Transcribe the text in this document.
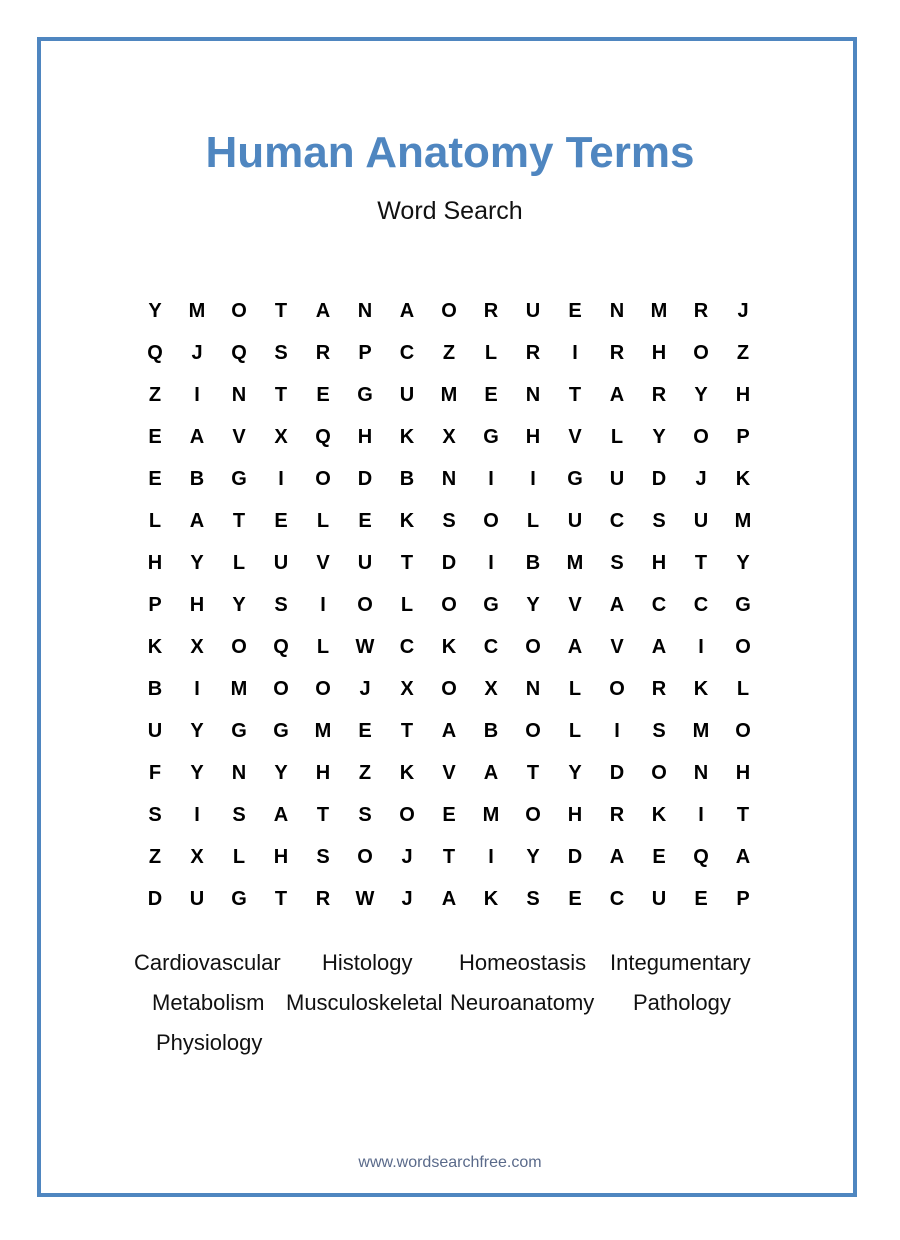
Human Anatomy Terms
Word Search
Y	M	O	T	A	N	A	O	R	U	E	N	M	R	J
Q	J	Q	S	R	P	C	Z	L	R	I	R	H	O	Z
Z	I	N	T	E	G	U	M	E	N	T	A	R	Y	H
E	A	V	X	Q	H	K	X	G	H	V	L	Y	O	P
E	B	G	I	O	D	B	N	I	I	G	U	D	J	K
L	A	T	E	L	E	K	S	O	L	U	C	S	U	M
H	Y	L	U	V	U	T	D	I	B	M	S	H	T	Y
P	H	Y	S	I	O	L	O	G	Y	V	A	C	C	G
K	X	O	Q	L	W	C	K	C	O	A	V	A	I	O
B	I	M	O	O	J	X	O	X	N	L	O	R	K	L
U	Y	G	G	M	E	T	A	B	O	L	I	S	M	O
F	Y	N	Y	H	Z	K	V	A	T	Y	D	O	N	H
S	I	S	A	T	S	O	E	M	O	H	R	K	I	T
Z	X	L	H	S	O	J	T	I	Y	D	A	E	Q	A
D	U	G	T	R	W	J	A	K	S	E	C	U	E	P
Cardiovascular Histology Homeostasis Integumentary
Metabolism Musculoskeletal Neuroanatomy Pathology
Physiology
www.wordsearchfree.com
